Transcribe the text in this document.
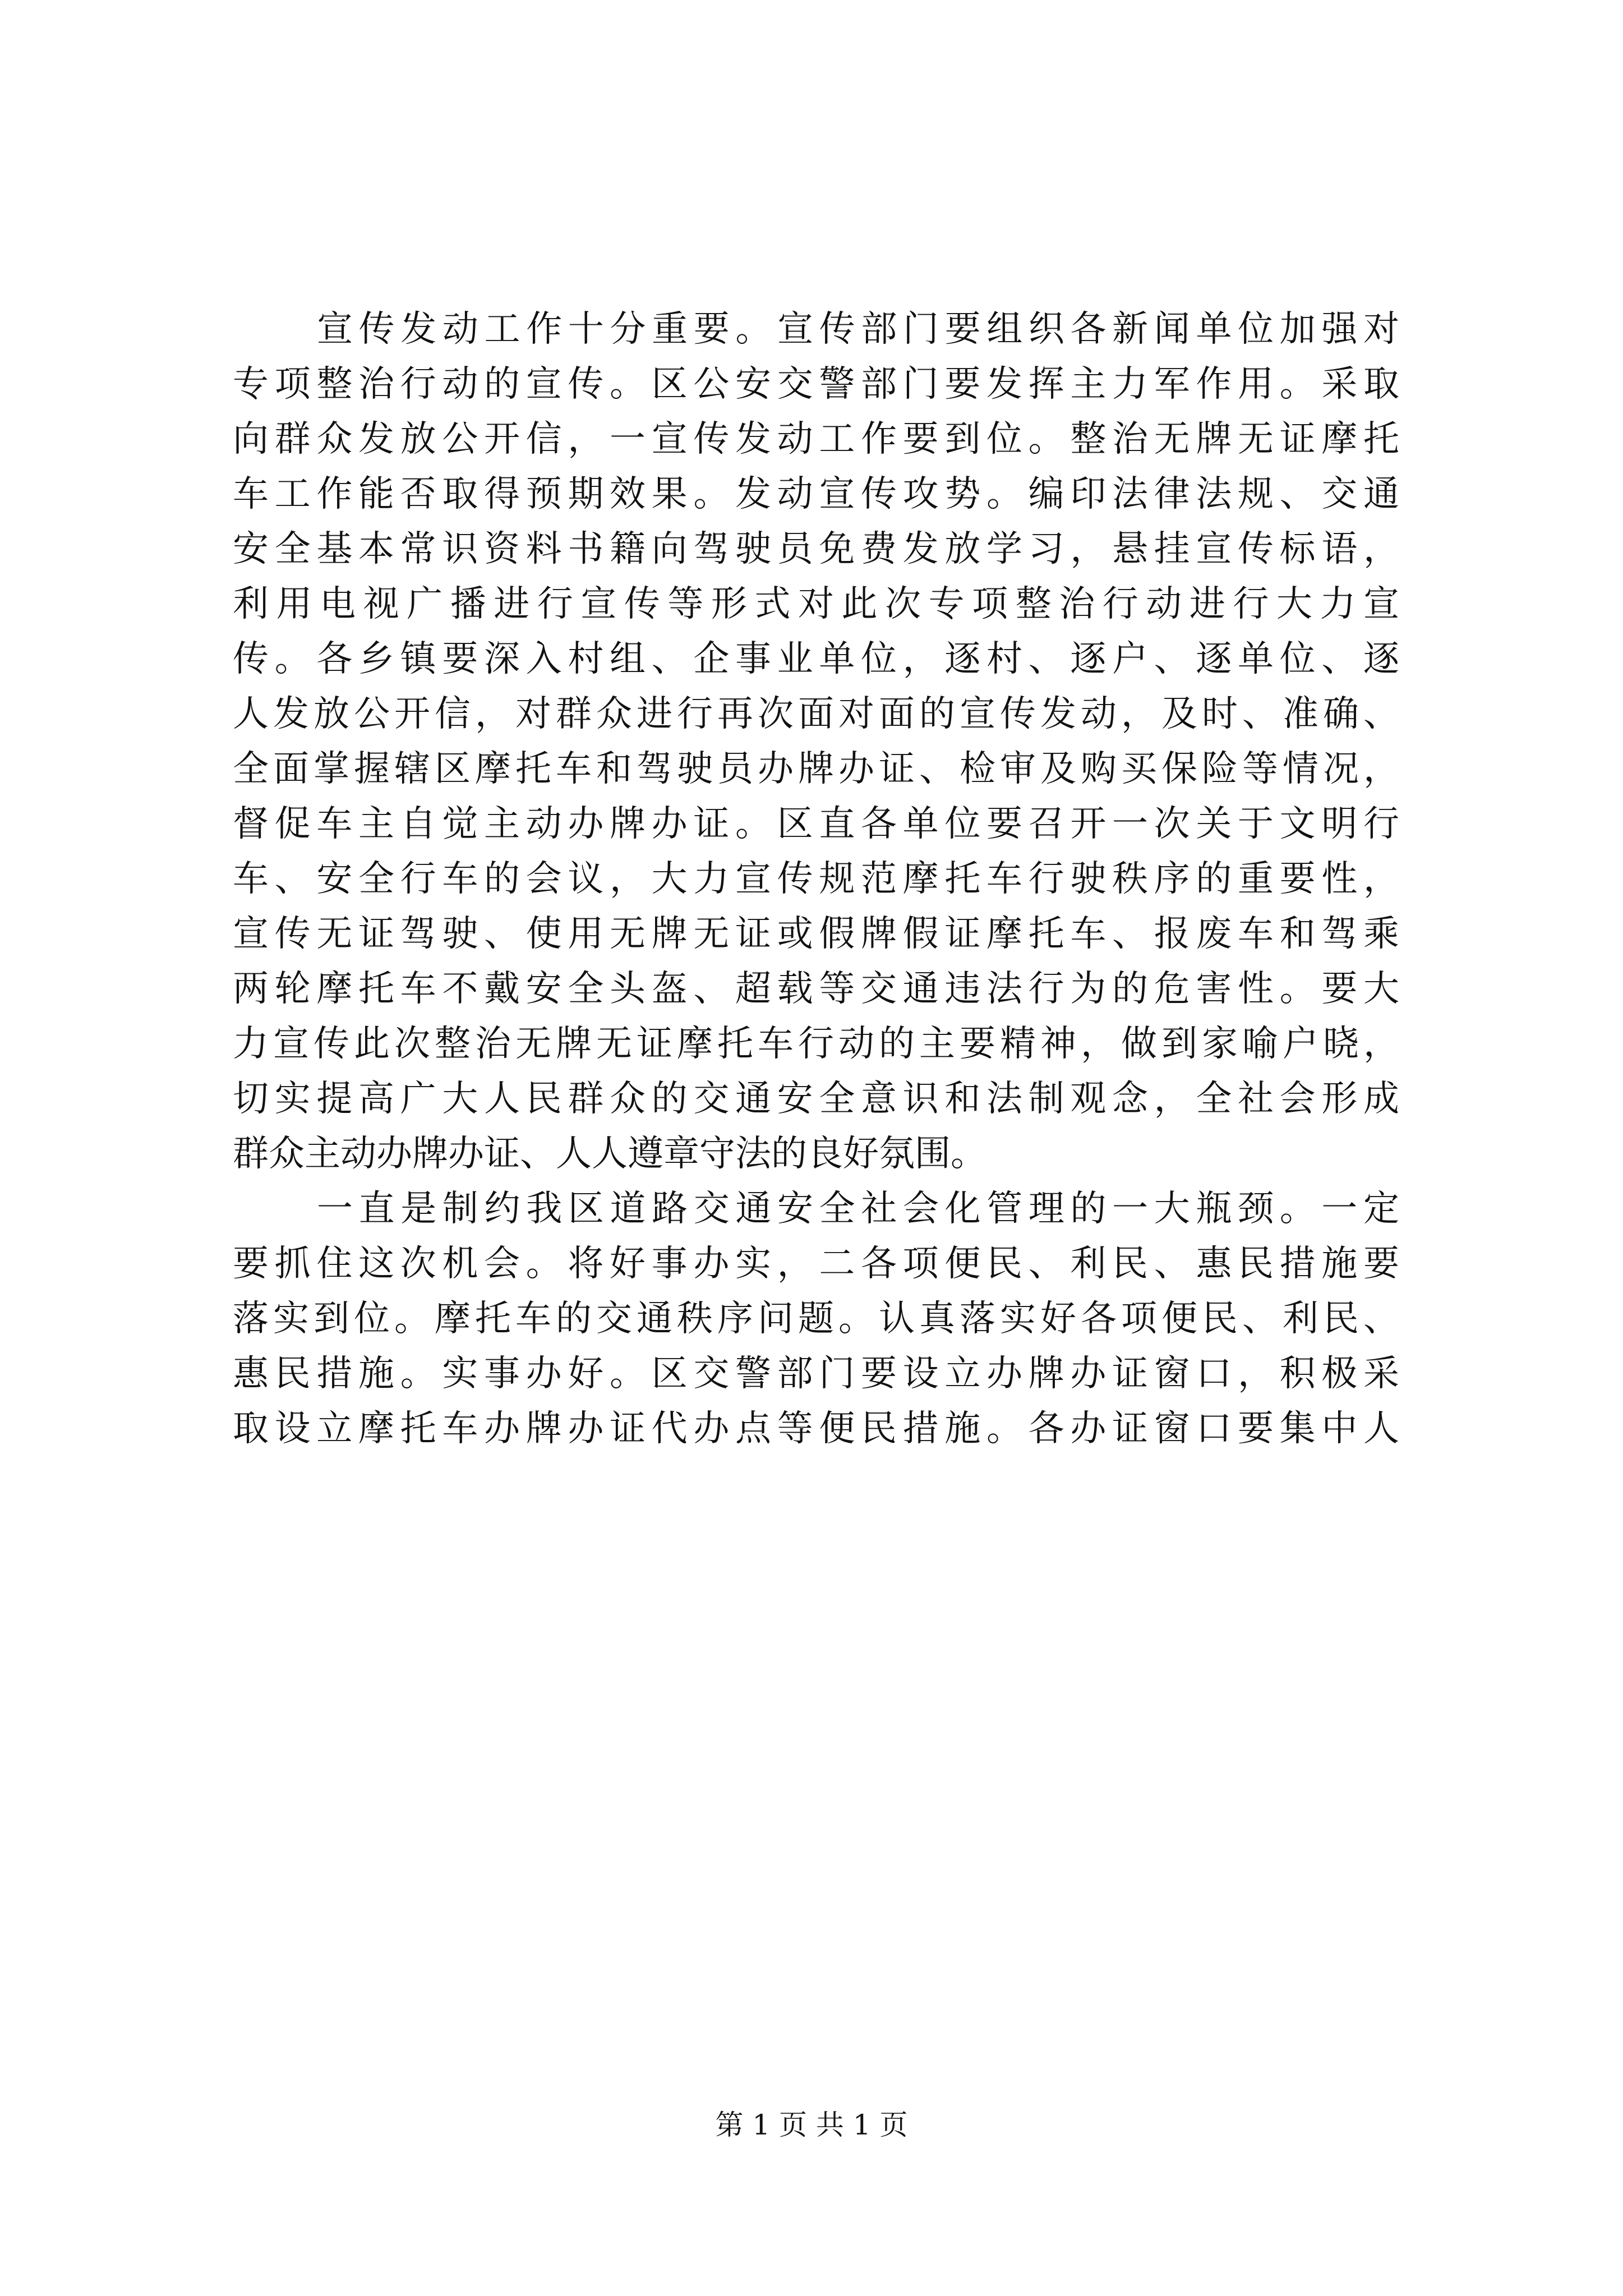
宣传发动工作十分重要。宣传部门要组织各新闻单位加强对
专项整治行动的宣传。区公安交警部门要发挥主力军作用。采取
向群众发放公开信，一宣传发动工作要到位。整治无牌无证摩托
车工作能否取得预期效果。发动宣传攻势。编印法律法规、交通
安全基本常识资料书籍向驾驶员免费发放学习，悬挂宣传标语，
利用电视广播进行宣传等形式对此次专项整治行动进行大力宣
传。各乡镇要深入村组、企事业单位，逐村、逐户、逐单位、逐
人发放公开信，对群众进行再次面对面的宣传发动，及时、准确、
全面掌握辖区摩托车和驾驶员办牌办证、检审及购买保险等情况，
督促车主自觉主动办牌办证。区直各单位要召开一次关于文明行
车、安全行车的会议，大力宣传规范摩托车行驶秩序的重要性，
宣传无证驾驶、使用无牌无证或假牌假证摩托车、报废车和驾乘
两轮摩托车不戴安全头盔、超载等交通违法行为的危害性。要大
力宣传此次整治无牌无证摩托车行动的主要精神，做到家喻户晓，
切实提高广大人民群众的交通安全意识和法制观念，全社会形成
群众主动办牌办证、人人遵章守法的良好氛围。
一直是制约我区道路交通安全社会化管理的一大瓶颈。一定
要抓住这次机会。将好事办实，二各项便民、利民、惠民措施要
落实到位。摩托车的交通秩序问题。认真落实好各项便民、利民、
惠民措施。实事办好。区交警部门要设立办牌办证窗口，积极采
取设立摩托车办牌办证代办点等便民措施。各办证窗口要集中人
第 1 页 共 1 页
